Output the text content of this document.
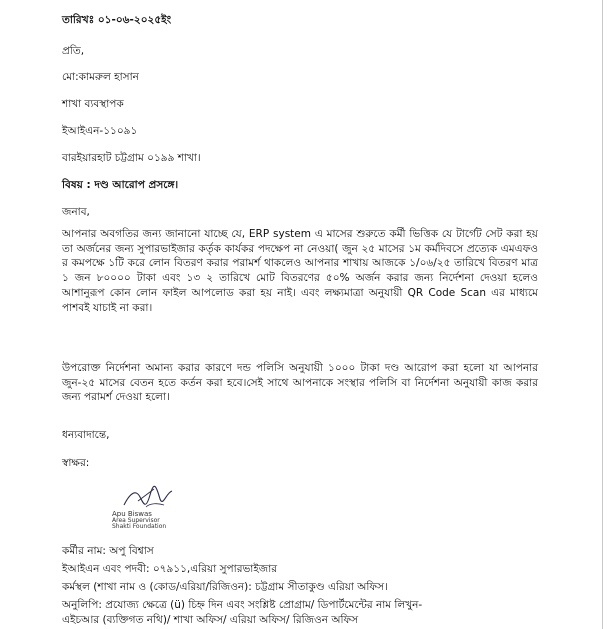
তারিখঃ ০১-০৬-২০২৫ইং
প্রতি,
মো:কামরুল হাসান
শাখা ব্যবস্থাপক
ইআইএন-১১০৯১
বারইয়ারহাট চট্টগ্রাম ০১৯৯ শাখা।
বিষয় : দণ্ড আরোপ প্রসঙ্গে।
জনাব,

আপনার অবগতির জন্য জানানো যাচ্ছে যে, ERP system এ মাসের শুরুতে কর্মী ভিত্তিক যে টার্গেট সেট করা হয় তা অর্জনের জন্য সুপারভাইজার কর্তৃক কার্যকর পদক্ষেপ না নেওয়া( জুন ২৫ মাসের ১ম কর্মদিবসে প্রত্যেক এমএফও র কমপক্ষে ১টি করে লোন বিতরণ করার পরামর্শ থাকলেও আপনার শাখায় আজকে ১/০৬/২৫ তারিখে বিতরণ মাত্র ১ জন ৮০০০০ টাকা এবং ১৩ ২ তারিখে মোট বিতরণের ৫০% অর্জন করার জন্য নির্দেশনা দেওয়া হলেও আশানুরূপ কোন লোন ফাইল আপলোড করা হয় নাই। এবং লক্ষ্যমাত্রা অনুযায়ী QR Code Scan এর মাধ্যমে পাশবই যাচাই না করা।

উপরোক্ত নির্দেশনা অমান্য করার কারণে দন্ড পলিসি অনুযায়ী ১০০০ টাকা দণ্ড আরোপ করা হলো যা আপনার জুন-২৫ মাসের বেতন হতে কর্তন করা হবে।সেই সাথে আপনাকে সংস্থার পলিসি বা নির্দেশনা অনুযায়ী কাজ করার জন্য পরামর্শ দেওয়া হলো।

ধন্যবাদান্তে,
স্বাক্ষর:
Apu Biswas
Area Supervisor
Shakti Foundation
কর্মীর নাম: অপু বিশ্বাস
ইআইএন এবং পদবী: ০৭৯১১,এরিয়া সুপারভাইজার
কর্মস্থল (শাখা নাম ও (কোড/এরিয়া/রিজিওন): চট্টগ্রাম সীতাকুণ্ড এরিয়া অফিস।
অনুলিপি: প্রযোজ্য ক্ষেত্রে (ü) চিহ্ন দিন এবং সংশ্লিষ্ট প্রোগ্রাম/ ডিপার্টমেন্টের নাম লিখুন-
এইচআর (ব্যক্তিগত নথি)/ শাখা অফিস/ এরিয়া অফিস/ রিজিওন অফিস
